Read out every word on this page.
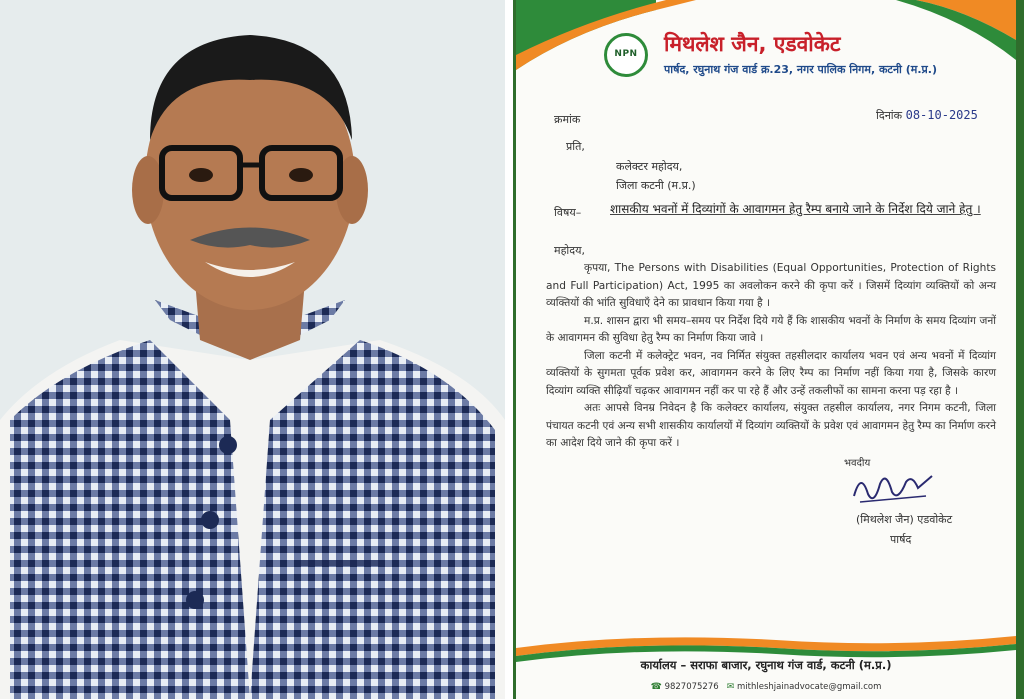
NPN	मिथलेश जैन, एडवोकेट
पार्षद, रघुनाथ गंज वार्ड क्र.23, नगर पालिक निगम, कटनी (म.प्र.)
क्रमांक	दिनांक 08-10-2025
प्रति,
कलेक्टर महोदय,
जिला कटनी (म.प्र.)
विषय– शासकीय भवनों में दिव्यांगों के आवागमन हेतु रैम्प बनाये जाने के निर्देश दिये जाने हेतु ।
महोदय,

कृपया, The Persons with Disabilities (Equal Opportunities, Protection of Rights and Full Participation) Act, 1995 का अवलोकन करने की कृपा करें । जिसमें दिव्यांग व्यक्तियों को अन्य व्यक्तियों की भांति सुविधाएँ देने का प्रावधान किया गया है ।

म.प्र. शासन द्वारा भी समय–समय पर निर्देश दिये गये हैं कि शासकीय भवनों के निर्माण के समय दिव्यांग जनों के आवागमन की सुविधा हेतु रैम्प का निर्माण किया जावे ।

जिला कटनी में कलेक्ट्रेट भवन, नव निर्मित संयुक्त तहसीलदार कार्यालय भवन एवं अन्य भवनों में दिव्यांग व्यक्तियों के सुगमता पूर्वक प्रवेश कर, आवागमन करने के लिए रैम्प का निर्माण नहीं किया गया है, जिसके कारण दिव्यांग व्यक्ति सीढ़ियाँ चढ़कर आवागमन नहीं कर पा रहे हैं और उन्हें तकलीफों का सामना करना पड़ रहा है ।

अतः आपसे विनम्र निवेदन है कि कलेक्टर कार्यालय, संयुक्त तहसील कार्यालय, नगर निगम कटनी, जिला पंचायत कटनी एवं अन्य सभी शासकीय कार्यालयों में दिव्यांग व्यक्तियों के प्रवेश एवं आवागमन हेतु रैम्प का निर्माण करने का आदेश दिये जाने की कृपा करें ।

भवदीय
(मिथलेश जैन) एडवोकेट
पार्षद
कार्यालय – सराफा बाजार, रघुनाथ गंज वार्ड, कटनी (म.प्र.)
☎ 9827075276 ✉ mithleshjainadvocate@gmail.com
